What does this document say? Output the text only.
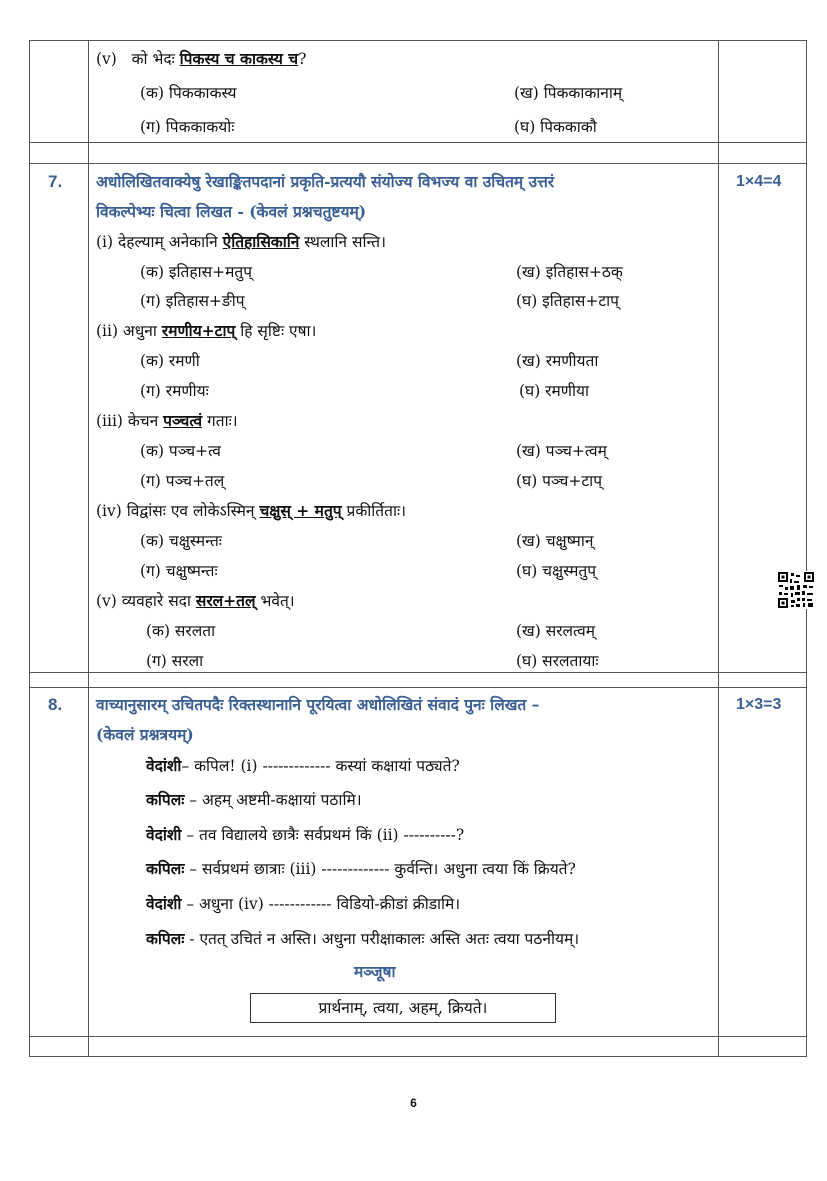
(v) को भेदः पिकस्य च काकस्य च?
(क) पिककाकस्य	(ख) पिककाकानाम्
(ग) पिककाकयोः	(घ) पिककाकौ
7.	1×4=4
अधोलिखितवाक्येषु रेखाङ्कितपदानां प्रकृति-प्रत्ययौ संयोज्य विभज्य वा उचितम् उत्तरं
विकल्पेभ्यः चित्वा लिखत - (केवलं प्रश्नचतुष्टयम्)
(i) देहल्याम् अनेकानि ऐतिहासिकानि स्थलानि सन्ति।
(क) इतिहास+मतुप्	(ख) इतिहास+ठक्
(ग) इतिहास+ङीप्	(घ) इतिहास+टाप्
(ii) अधुना रमणीय+टाप् हि सृष्टिः एषा।
(क) रमणी	(ख) रमणीयता
(ग) रमणीयः	(घ) रमणीया
(iii) केचन पञ्चत्वं गताः।
(क) पञ्च+त्व	(ख) पञ्च+त्वम्
(ग) पञ्च+तल्	(घ) पञ्च+टाप्
(iv) विद्वांसः एव लोकेऽस्मिन् चक्षुस् + मतुप् प्रकीर्तिताः।
(क) चक्षुस्मन्तः	(ख) चक्षुष्मान्
(ग) चक्षुष्मन्तः	(घ) चक्षुस्मतुप्
(v) व्यवहारे सदा सरल+तल् भवेत्।
(क) सरलता	(ख) सरलत्वम्
(ग) सरला	(घ) सरलतायाः
8.	1×3=3
वाच्यानुसारम् उचितपदैः रिक्तस्थानानि पूरयित्वा अधोलिखितं संवादं पुनः लिखत –
(केवलं प्रश्नत्रयम्)
वेदांशी– कपिल! (i) ------------- कस्यां कक्षायां पठ्यते?
कपिलः – अहम् अष्टमी-कक्षायां पठामि।
वेदांशी – तव विद्यालये छात्रैः सर्वप्रथमं किं (ii) ----------?
कपिलः – सर्वप्रथमं छात्राः (iii) ------------- कुर्वन्ति। अधुना त्वया किं क्रियते?
वेदांशी – अधुना (iv) ------------ विडियो-क्रीडां क्रीडामि।
कपिलः - एतत् उचितं न अस्ति। अधुना परीक्षाकालः अस्ति अतः त्वया पठनीयम्।
मञ्जूषा
प्रार्थनाम्, त्वया, अहम्, क्रियते।
6
